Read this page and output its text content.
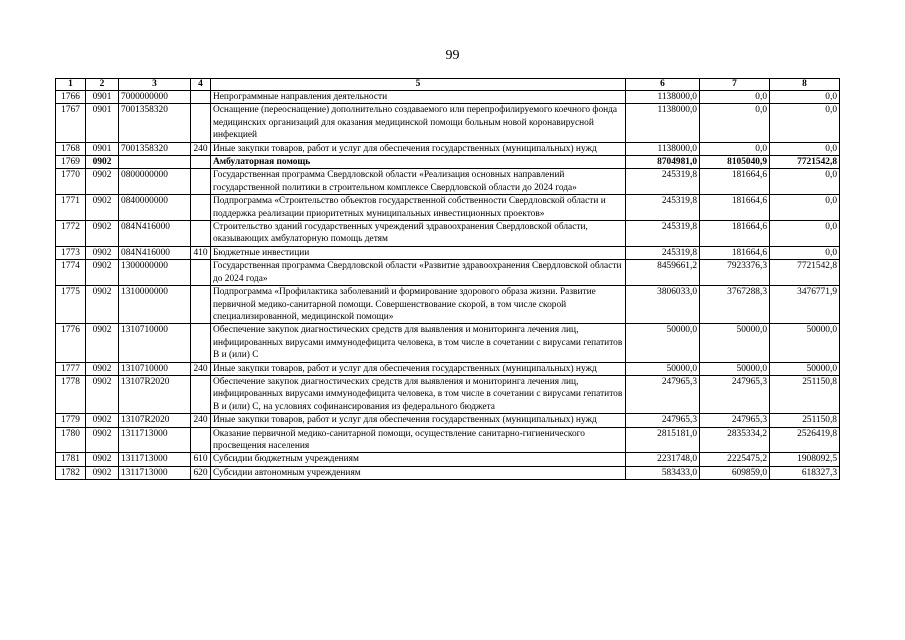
99
1	2	3	4	5	6	7	8
1766	0901	7000000000		Непрограммные направления деятельности	1138000,0	0,0	0,0
1767	0901	7001358320		Оснащение (переоснащение) дополнительно создаваемого или перепрофилируемого коечного фонда медицинских организаций для оказания медицинской помощи больным новой коронавирусной инфекцией	1138000,0	0,0	0,0
1768	0901	7001358320	240	Иные закупки товаров, работ и услуг для обеспечения государственных (муниципальных) нужд	1138000,0	0,0	0,0
1769	0902			Амбулаторная помощь	8704981,0	8105040,9	7721542,8
1770	0902	0800000000		Государственная программа Свердловской области «Реализация основных направлений государственной политики в строительном комплексе Свердловской области до 2024 года»	245319,8	181664,6	0,0
1771	0902	0840000000		Подпрограмма «Строительство объектов государственной собственности Свердловской области и поддержка реализации приоритетных муниципальных инвестиционных проектов»	245319,8	181664,6	0,0
1772	0902	084N416000		Строительство зданий государственных учреждений здравоохранения Свердловской области, оказывающих амбулаторную помощь детям	245319,8	181664,6	0,0
1773	0902	084N416000	410	Бюджетные инвестиции	245319,8	181664,6	0,0
1774	0902	1300000000		Государственная программа Свердловской области «Развитие здравоохранения Свердловской области до 2024 года»	8459661,2	7923376,3	7721542,8
1775	0902	1310000000		Подпрограмма «Профилактика заболеваний и формирование здорового образа жизни. Развитие первичной медико-санитарной помощи. Совершенствование скорой, в том числе скорой специализированной, медицинской помощи»	3806033,0	3767288,3	3476771,9
1776	0902	1310710000		Обеспечение закупок диагностических средств для выявления и мониторинга лечения лиц, инфицированных вирусами иммунодефицита человека, в том числе в сочетании с вирусами гепатитов В и (или) С	50000,0	50000,0	50000,0
1777	0902	1310710000	240	Иные закупки товаров, работ и услуг для обеспечения государственных (муниципальных) нужд	50000,0	50000,0	50000,0
1778	0902	13107R2020		Обеспечение закупок диагностических средств для выявления и мониторинга лечения лиц, инфицированных вирусами иммунодефицита человека, в том числе в сочетании с вирусами гепатитов В и (или) С, на условиях софинансирования из федерального бюджета	247965,3	247965,3	251150,8
1779	0902	13107R2020	240	Иные закупки товаров, работ и услуг для обеспечения государственных (муниципальных) нужд	247965,3	247965,3	251150,8
1780	0902	1311713000		Оказание первичной медико-санитарной помощи, осуществление санитарно-гигиенического просвещения населения	2815181,0	2835334,2	2526419,8
1781	0902	1311713000	610	Субсидии бюджетным учреждениям	2231748,0	2225475,2	1908092,5
1782	0902	1311713000	620	Субсидии автономным учреждениям	583433,0	609859,0	618327,3
